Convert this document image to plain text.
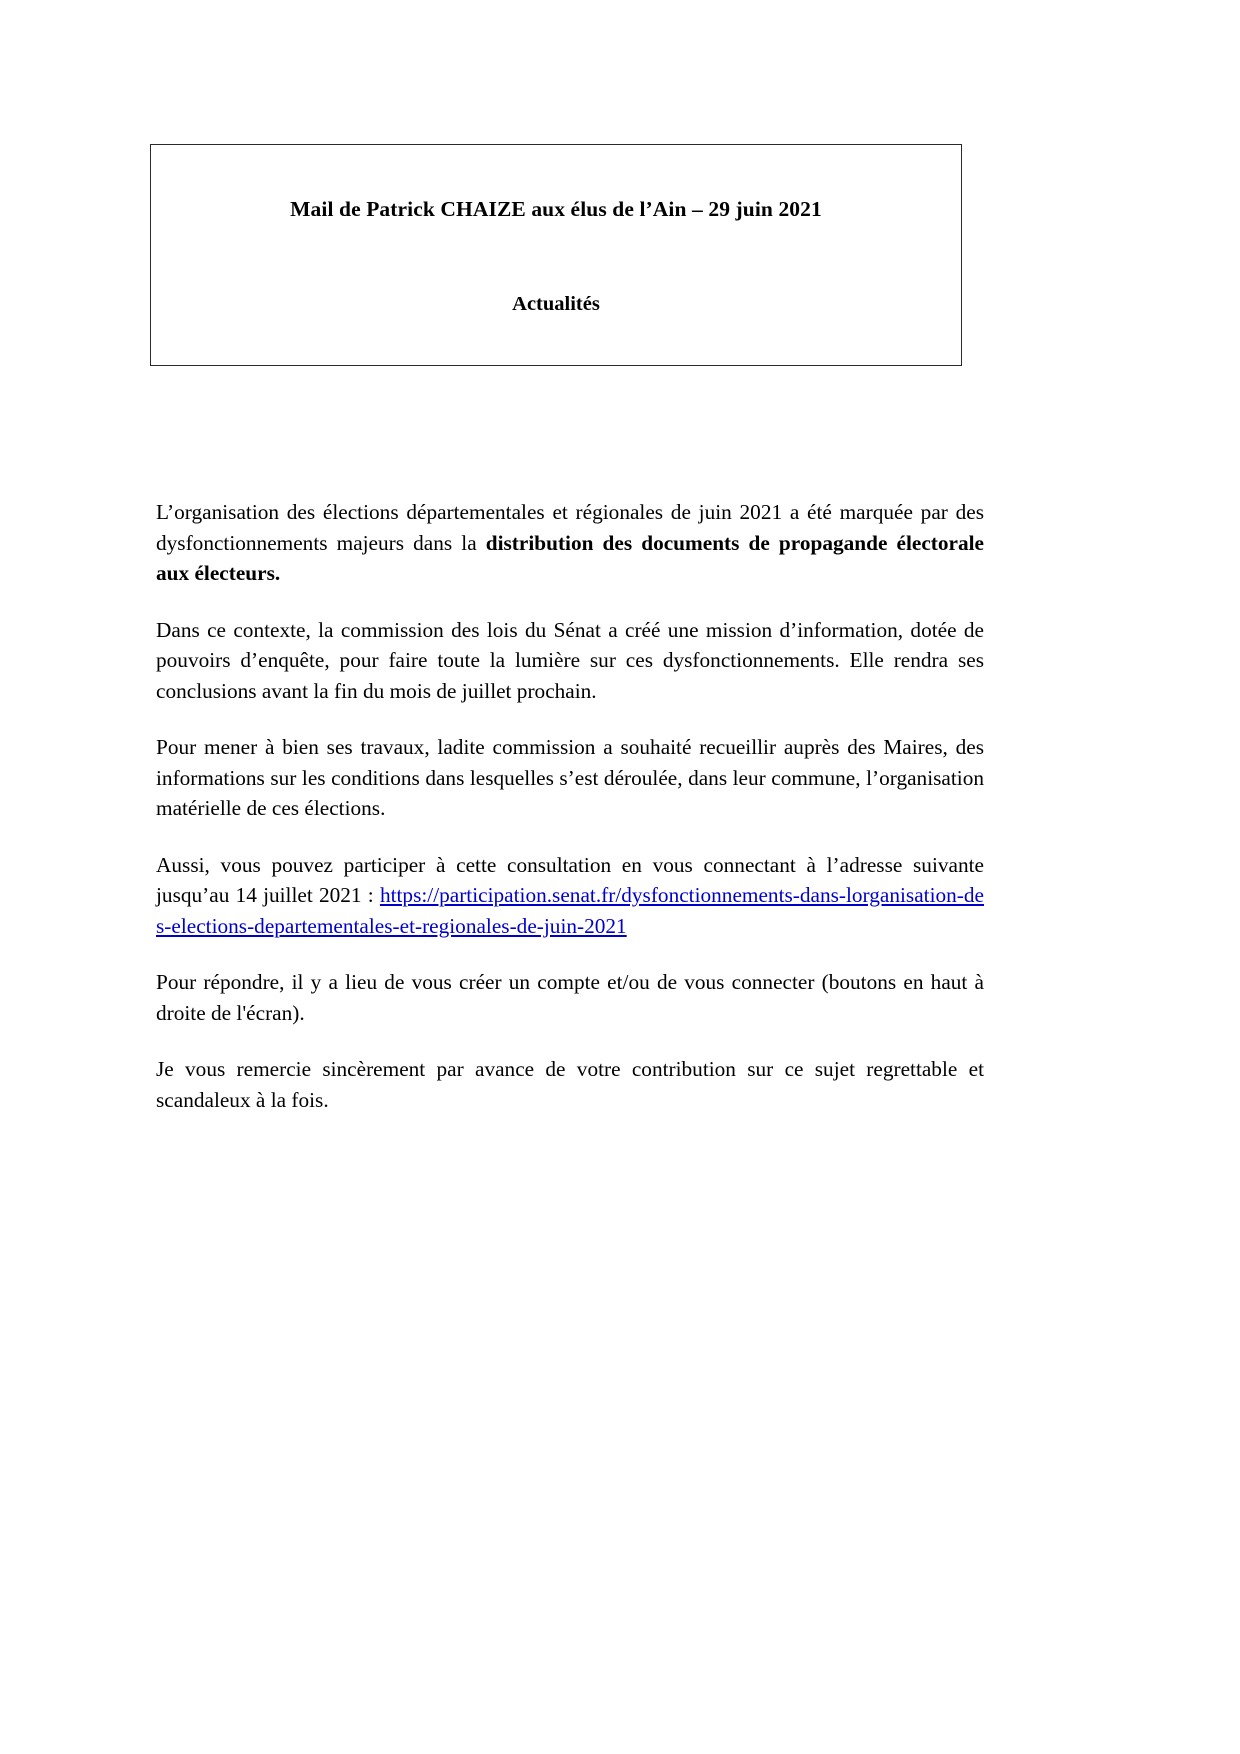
Mail de Patrick CHAIZE aux élus de l’Ain – 29 juin 2021
Actualités

L’organisation des élections départementales et régionales de juin 2021 a été marquée par des dysfonctionnements majeurs dans la distribution des documents de propagande électorale aux électeurs.

Dans ce contexte, la commission des lois du Sénat a créé une mission d’information, dotée de pouvoirs d’enquête, pour faire toute la lumière sur ces dysfonctionnements. Elle rendra ses conclusions avant la fin du mois de juillet prochain.

Pour mener à bien ses travaux, ladite commission a souhaité recueillir auprès des Maires, des informations sur les conditions dans lesquelles s’est déroulée, dans leur commune, l’organisation matérielle de ces élections.

Aussi, vous pouvez participer à cette consultation en vous connectant à l’adresse suivante jusqu’au 14 juillet 2021 : https://participation.senat.fr/dysfonctionnements-dans-lorganisation-des-elections-departementales-et-regionales-de-juin-2021

Pour répondre, il y a lieu de vous créer un compte et/ou de vous connecter (boutons en haut à droite de l'écran).

Je vous remercie sincèrement par avance de votre contribution sur ce sujet regrettable et scandaleux à la fois.
